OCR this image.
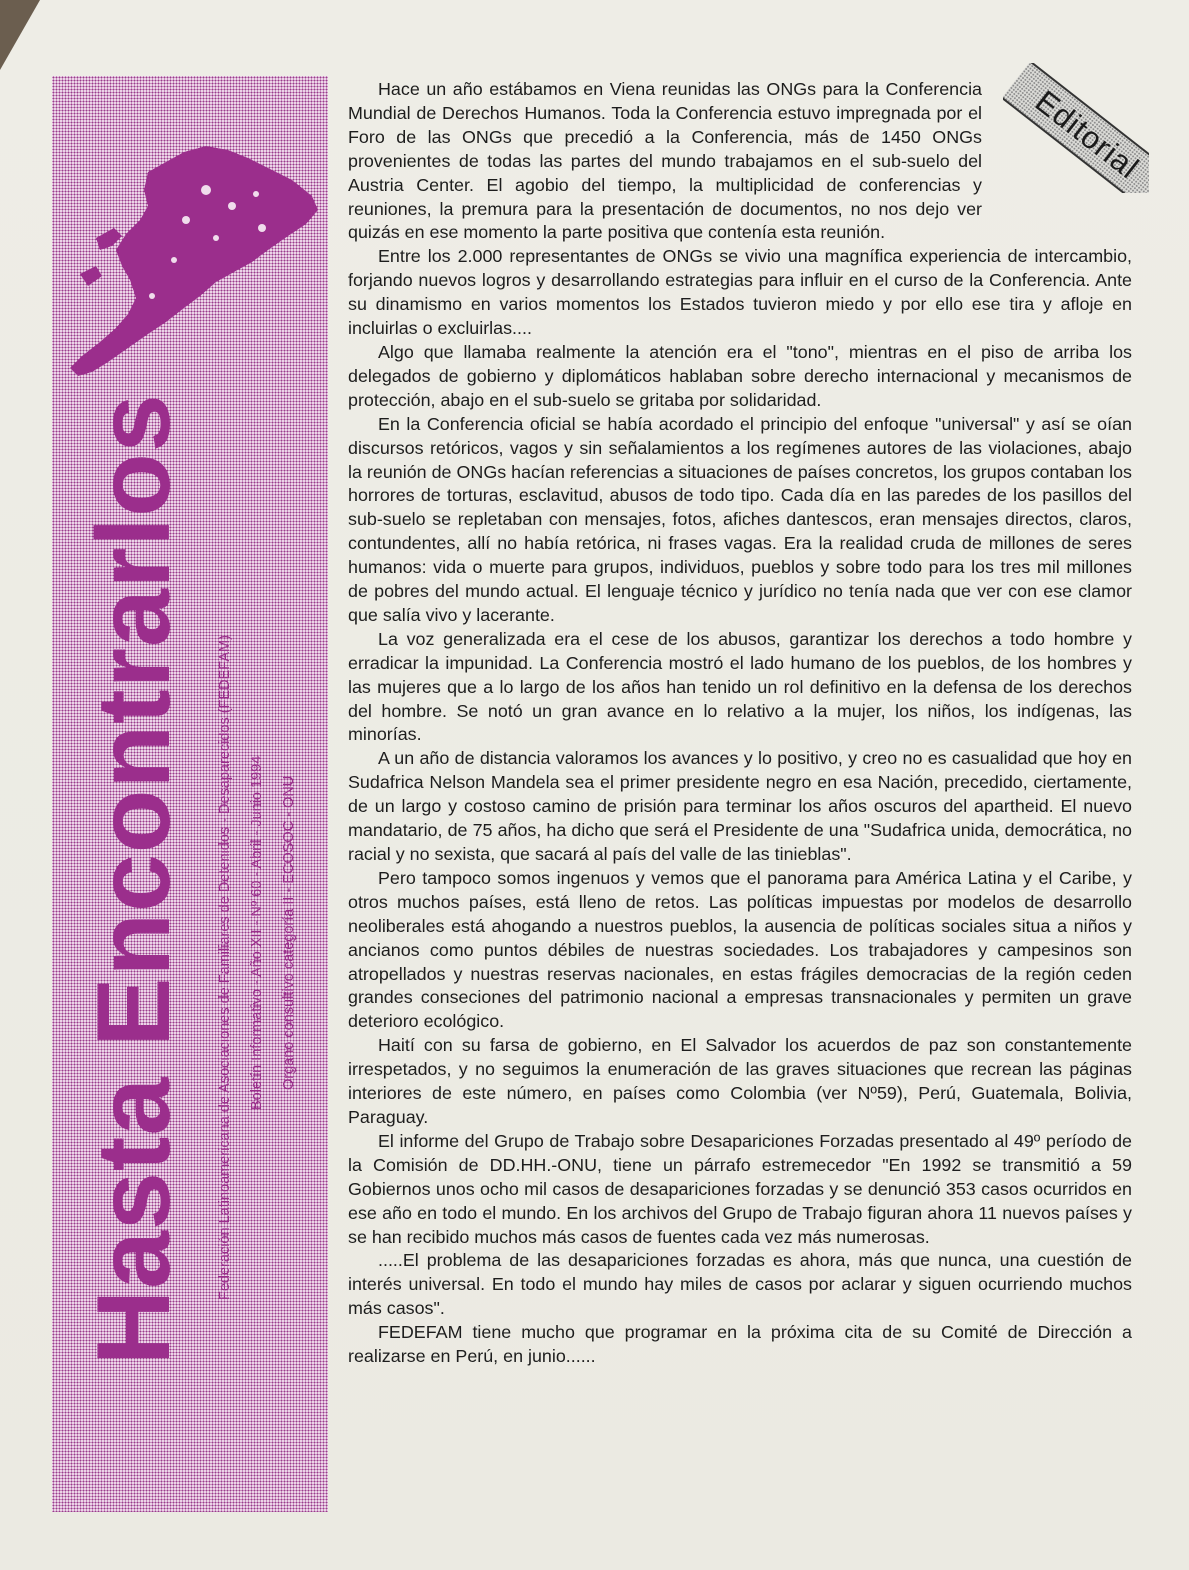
Hasta Encontrarlos Federación Latinoamericana de Asociaciones de Familiares de Detenidos - Desaparecidos (FEDEFAM) Boletín Informativo - Año XII - Nº 60 - Abril - Junio 1994 Organo consultivo categoría II - ECOSOC - ONU
Editorial

Hace un año estábamos en Viena reunidas las ONGs para la Conferencia Mundial de Derechos Humanos. Toda la Conferencia estuvo impregnada por el Foro de las ONGs que precedió a la Conferencia, más de 1450 ONGs provenientes de todas las partes del mundo trabajamos en el sub-suelo del Austria Center. El agobio del tiempo, la multiplicidad de conferencias y reuniones, la premura para la presentación de documentos, no nos dejo ver quizás en ese momento la parte positiva que contenía esta reunión.

Entre los 2.000 representantes de ONGs se vivio una magnífica experiencia de intercambio, forjando nuevos logros y desarrollando estrategias para influir en el curso de la Conferencia. Ante su dinamismo en varios momentos los Estados tuvieron miedo y por ello ese tira y afloje en incluirlas o excluirlas....

Algo que llamaba realmente la atención era el "tono", mientras en el piso de arriba los delegados de gobierno y diplomáticos hablaban sobre derecho internacional y mecanismos de protección, abajo en el sub-suelo se gritaba por solidaridad.

En la Conferencia oficial se había acordado el principio del enfoque "universal" y así se oían discursos retóricos, vagos y sin señalamientos a los regímenes autores de las violaciones, abajo la reunión de ONGs hacían referencias a situaciones de países concretos, los grupos contaban los horrores de torturas, esclavitud, abusos de todo tipo. Cada día en las paredes de los pasillos del sub-suelo se repletaban con mensajes, fotos, afiches dantescos, eran mensajes directos, claros, contundentes, allí no había retórica, ni frases vagas. Era la realidad cruda de millones de seres humanos: vida o muerte para grupos, individuos, pueblos y sobre todo para los tres mil millones de pobres del mundo actual. El lenguaje técnico y jurídico no tenía nada que ver con ese clamor que salía vivo y lacerante.

La voz generalizada era el cese de los abusos, garantizar los derechos a todo hombre y erradicar la impunidad. La Conferencia mostró el lado humano de los pueblos, de los hombres y las mujeres que a lo largo de los años han tenido un rol definitivo en la defensa de los derechos del hombre. Se notó un gran avance en lo relativo a la mujer, los niños, los indígenas, las minorías.

A un año de distancia valoramos los avances y lo positivo, y creo no es casualidad que hoy en Sudafrica Nelson Mandela sea el primer presidente negro en esa Nación, precedido, ciertamente, de un largo y costoso camino de prisión para terminar los años oscuros del apartheid. El nuevo mandatario, de 75 años, ha dicho que será el Presidente de una "Sudafrica unida, democrática, no racial y no sexista, que sacará al país del valle de las tinieblas".

Pero tampoco somos ingenuos y vemos que el panorama para América Latina y el Caribe, y otros muchos países, está lleno de retos. Las políticas impuestas por modelos de desarrollo neoliberales está ahogando a nuestros pueblos, la ausencia de políticas sociales situa a niños y ancianos como puntos débiles de nuestras sociedades. Los trabajadores y campesinos son atropellados y nuestras reservas nacionales, en estas frágiles democracias de la región ceden grandes conseciones del patrimonio nacional a empresas transnacionales y permiten un grave deterioro ecológico.

Haití con su farsa de gobierno, en El Salvador los acuerdos de paz son constantemente irrespetados, y no seguimos la enumeración de las graves situaciones que recrean las páginas interiores de este número, en países como Colombia (ver Nº59), Perú, Guatemala, Bolivia, Paraguay.

El informe del Grupo de Trabajo sobre Desapariciones Forzadas presentado al 49º período de la Comisión de DD.HH.-ONU, tiene un párrafo estremecedor "En 1992 se transmitió a 59 Gobiernos unos ocho mil casos de desapariciones forzadas y se denunció 353 casos ocurridos en ese año en todo el mundo. En los archivos del Grupo de Trabajo figuran ahora 11 nuevos países y se han recibido muchos más casos de fuentes cada vez más numerosas.

.....El problema de las desapariciones forzadas es ahora, más que nunca, una cuestión de interés universal. En todo el mundo hay miles de casos por aclarar y siguen ocurriendo muchos más casos".

FEDEFAM tiene mucho que programar en la próxima cita de su Comité de Dirección a realizarse en Perú, en junio......
